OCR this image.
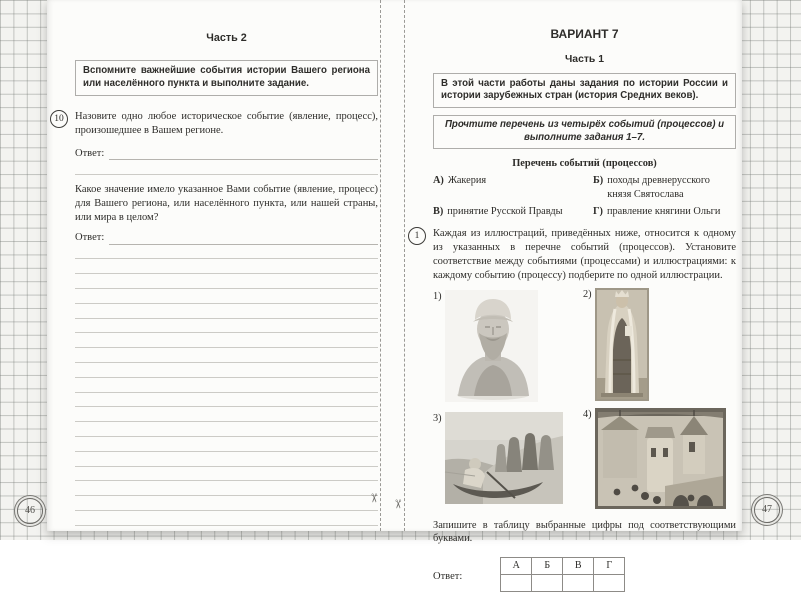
Часть 2
Вспомните важнейшие события истории Вашего региона или населённого пункта и выполните задание.
10	Назовите одно любое историческое событие (явление, процесс), произошедшее в Вашем регионе.

Ответ:

Какое значение имело указанное Вами событие (явление, процесс) для Вашего региона, или населённого пункта, или нашей страны, или мира в целом?

Ответ:
ВАРИАНТ 7
Часть 1
В этой части работы даны задания по истории России и истории зарубежных стран (история Средних веков).
Прочтите перечень из четырёх событий (процессов) и выполните задания 1–7.
Перечень событий (процессов)
А) Жакерия	Б) походы древнерусского князя Святослава
В) принятие Русской Правды	Г) правление княгини Ольги
1	Каждая из иллюстраций, приведённых ниже, относится к одному из указанных в перечне событий (процессов). Установите соответствие между событиями (процессами) и иллюстрациями: к каждому событию (процессу) подберите по одной иллюстрации.

1)	2)
3)	4)

Запишите в таблицу выбранные цифры под соответствующими буквами.

Ответ:
А	Б	В	Г

✂
✂
46	47
